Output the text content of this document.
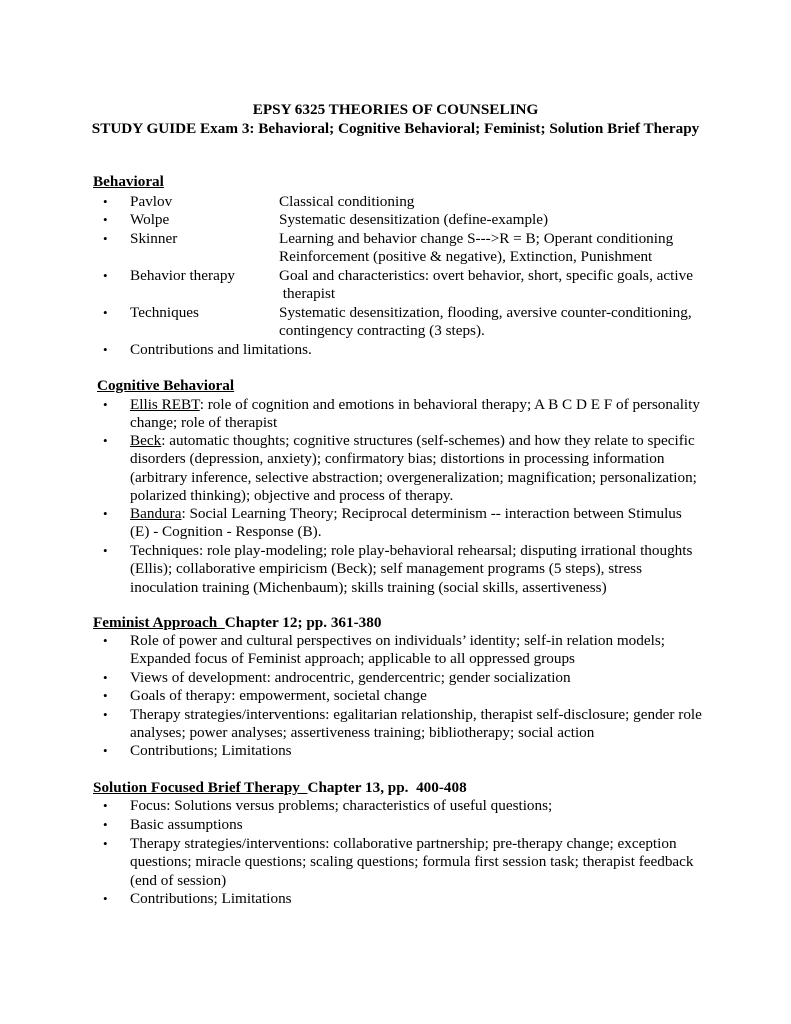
EPSY 6325 THEORIES OF COUNSELING
STUDY GUIDE Exam 3: Behavioral; Cognitive Behavioral; Feminist; Solution Brief Therapy
Behavioral
• Pavlov	Classical conditioning
• Wolpe	Systematic desensitization (define-example)
• Skinner	Learning and behavior change S--->R = B; Operant conditioning
Reinforcement (positive & negative), Extinction, Punishment
• Behavior therapy	Goal and characteristics: overt behavior, short, specific goals, active
therapist
• Techniques	Systematic desensitization, flooding, aversive counter-conditioning,
contingency contracting (3 steps).
• Contributions and limitations.
Cognitive Behavioral
• Ellis REBT: role of cognition and emotions in behavioral therapy; A B C D E F of personality
change; role of therapist
• Beck: automatic thoughts; cognitive structures (self-schemes) and how they relate to specific
disorders (depression, anxiety); confirmatory bias; distortions in processing information
(arbitrary inference, selective abstraction; overgeneralization; magnification; personalization;
polarized thinking); objective and process of therapy.
• Bandura: Social Learning Theory; Reciprocal determinism -- interaction between Stimulus
(E) - Cognition - Response (B).
• Techniques: role play-modeling; role play-behavioral rehearsal; disputing irrational thoughts
(Ellis); collaborative empiricism (Beck); self management programs (5 steps), stress
inoculation training (Michenbaum); skills training (social skills, assertiveness)
Feminist Approach  Chapter 12; pp. 361-380
• Role of power and cultural perspectives on individuals’ identity; self-in relation models;
Expanded focus of Feminist approach; applicable to all oppressed groups
• Views of development: androcentric, gendercentric; gender socialization
• Goals of therapy: empowerment, societal change
• Therapy strategies/interventions: egalitarian relationship, therapist self-disclosure; gender role
analyses; power analyses; assertiveness training; bibliotherapy; social action
• Contributions; Limitations
Solution Focused Brief Therapy  Chapter 13, pp.  400-408
• Focus: Solutions versus problems; characteristics of useful questions;
• Basic assumptions
• Therapy strategies/interventions: collaborative partnership; pre-therapy change; exception
questions; miracle questions; scaling questions; formula first session task; therapist feedback
(end of session)
• Contributions; Limitations
